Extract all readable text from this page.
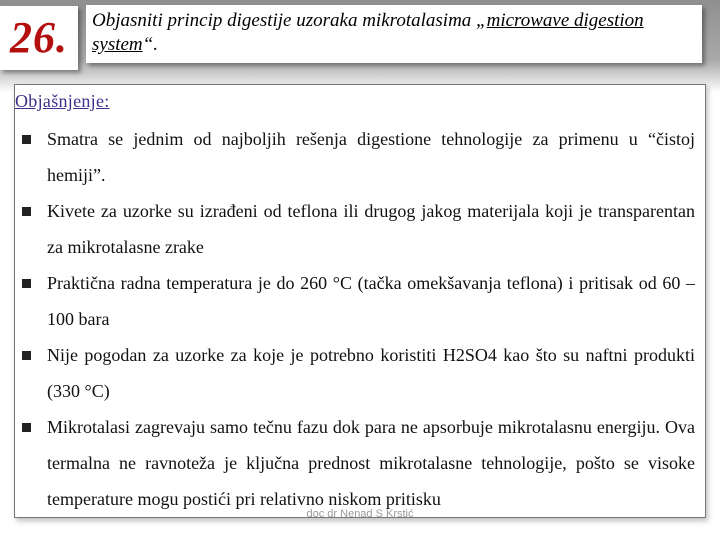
26. Objasniti princip digestije uzoraka mikrotalasima „microwave digestion system“.
Objašnjenje:
Smatra se jednim od najboljih rešenja digestione tehnologije za primenu u “čistoj hemiji”.
Kivete za uzorke su izrađeni od teflona ili drugog jakog materijala koji je transparentan za mikrotalasne zrake
Praktična radna temperatura je do 260 °C (tačka omekšavanja teflona) i pritisak od 60 – 100 bara
Nije pogodan za uzorke za koje je potrebno koristiti H2SO4 kao što su naftni produkti (330 °C)
Mikrotalasi zagrevaju samo tečnu fazu dok para ne apsorbuje mikrotalasnu energiju. Ova termalna ne ravnoteža je ključna prednost mikrotalasne tehnologije, pošto se visoke temperature mogu postići pri relativno niskom pritisku
doc dr Nenad S Krstić
